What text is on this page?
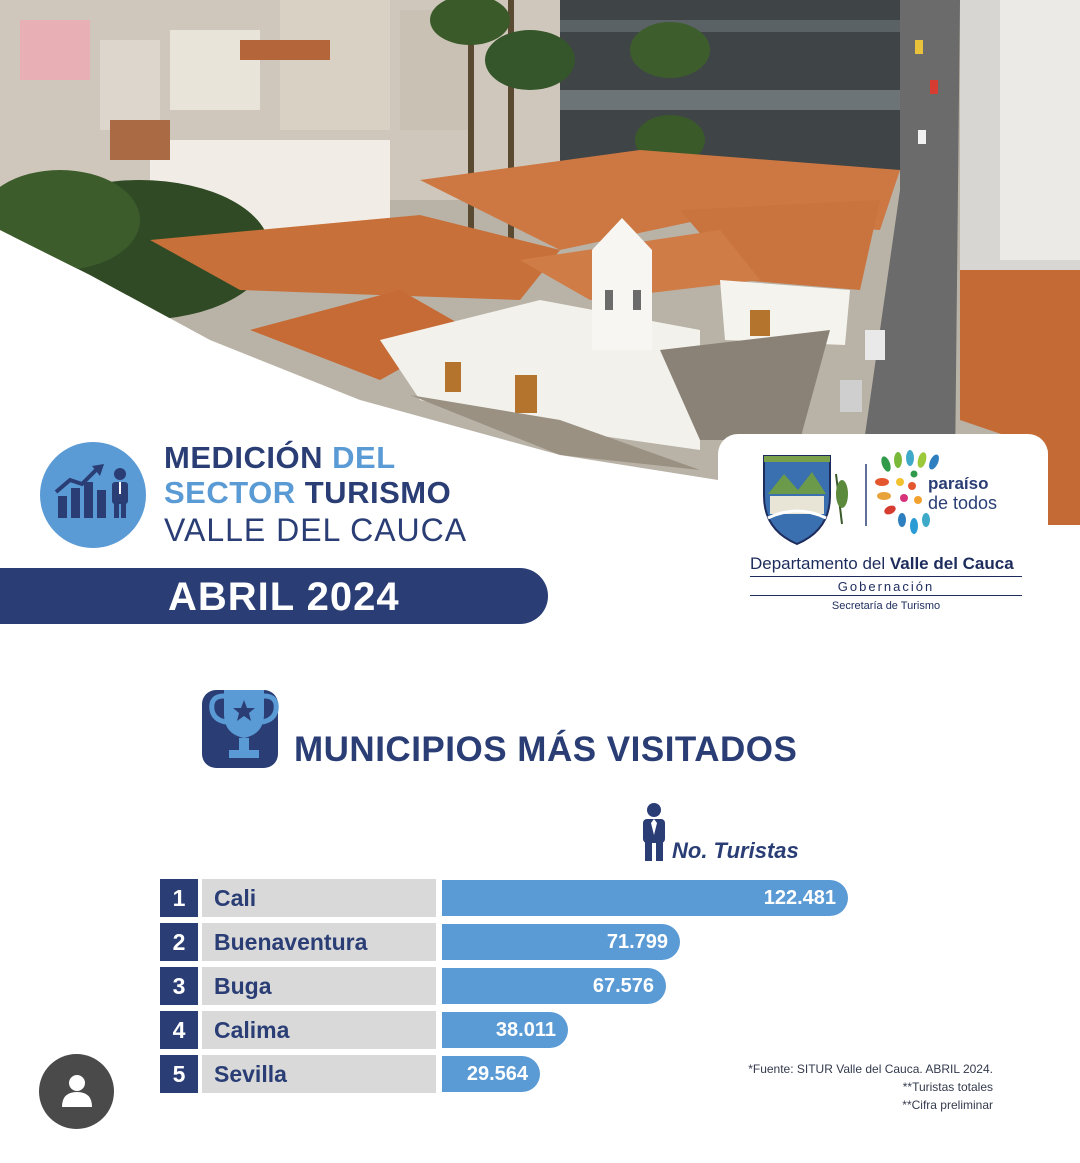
MEDICIÓN DEL
SECTOR TURISMO
VALLE DEL CAUCA
ABRIL 2024
paraíso
de todos
Departamento del Valle del Cauca
Gobernación
Secretaría de Turismo
MUNICIPIOS MÁS VISITADOS
No. Turistas
1	Cali	122.481
2	Buenaventura	71.799
3	Buga	67.576
4	Calima	38.011
5	Sevilla	29.564	*Fuente: SITUR Valle del Cauca. ABRIL 2024.
**Turistas totales
**Cifra preliminar
